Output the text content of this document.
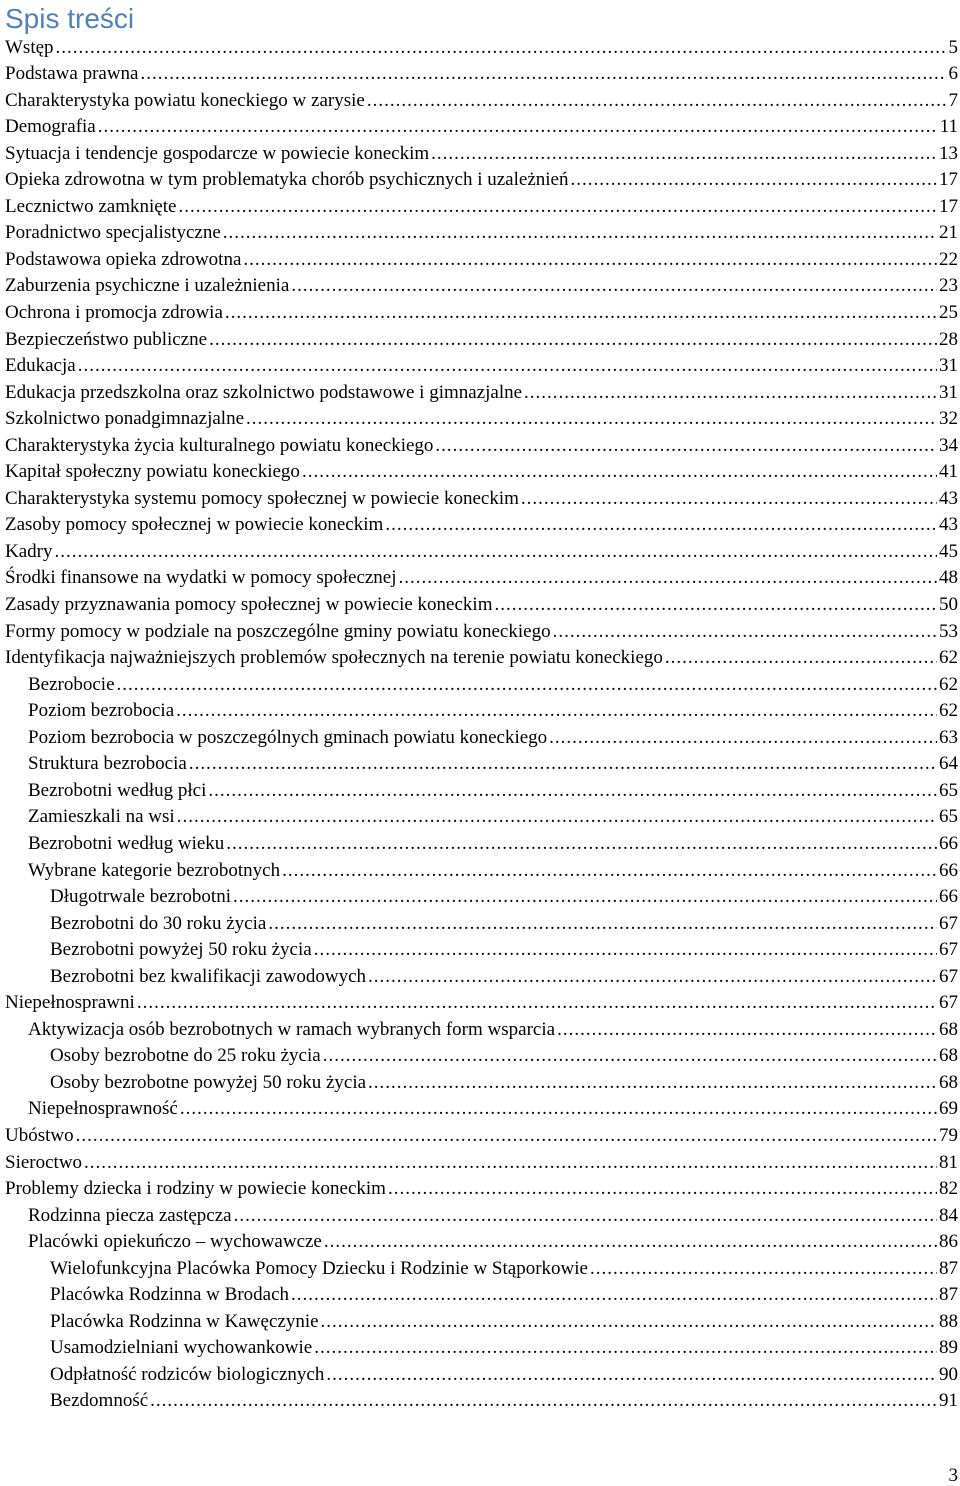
Spis treści
Wstęp .....	5
Podstawa prawna .....	6
Charakterystyka powiatu koneckiego w zarysie .....	7
Demografia .....	11
Sytuacja i tendencje gospodarcze w powiecie koneckim .....	13
Opieka zdrowotna w tym problematyka chorób psychicznych i uzależnień .....	17
Lecznictwo zamknięte .....	17
Poradnictwo specjalistyczne .....	21
Podstawowa opieka zdrowotna .....	22
Zaburzenia psychiczne i uzależnienia .....	23
Ochrona i promocja zdrowia .....	25
Bezpieczeństwo publiczne .....	28
Edukacja .....	31
Edukacja przedszkolna oraz szkolnictwo podstawowe i gimnazjalne .....	31
Szkolnictwo ponadgimnazjalne .....	32
Charakterystyka życia kulturalnego powiatu koneckiego .....	34
Kapitał społeczny powiatu koneckiego .....	41
Charakterystyka systemu pomocy społecznej w powiecie koneckim .....	43
Zasoby pomocy społecznej w powiecie koneckim .....	43
Kadry .....	45
Środki finansowe na wydatki w pomocy społecznej .....	48
Zasady przyznawania pomocy społecznej w powiecie koneckim .....	50
Formy pomocy w podziale na poszczególne gminy powiatu koneckiego .....	53
Identyfikacja najważniejszych problemów społecznych na terenie powiatu koneckiego .....	62
Bezrobocie .....	62
Poziom bezrobocia .....	62
Poziom bezrobocia w poszczególnych gminach powiatu koneckiego .....	63
Struktura bezrobocia .....	64
Bezrobotni według płci .....	65
Zamieszkali na wsi .....	65
Bezrobotni według wieku .....	66
Wybrane kategorie bezrobotnych .....	66
Długotrwale bezrobotni .....	66
Bezrobotni do 30 roku życia .....	67
Bezrobotni powyżej 50 roku życia .....	67
Bezrobotni bez kwalifikacji zawodowych .....	67
Niepełnosprawni .....	67
Aktywizacja osób bezrobotnych w ramach wybranych form wsparcia .....	68
Osoby bezrobotne do 25 roku życia .....	68
Osoby bezrobotne powyżej 50 roku życia .....	68
Niepełnosprawność .....	69
Ubóstwo .....	79
Sieroctwo .....	81
Problemy dziecka i rodziny w powiecie koneckim .....	82
Rodzinna piecza zastępcza .....	84
Placówki opiekuńczo – wychowawcze .....	86
Wielofunkcyjna Placówka Pomocy Dziecku i Rodzinie w Stąporkowie .....	87
Placówka Rodzinna w Brodach .....	87
Placówka Rodzinna w Kawęczynie .....	88
Usamodzielniani wychowankowie .....	89
Odpłatność rodziców biologicznych .....	90
Bezdomność .....	91
3
